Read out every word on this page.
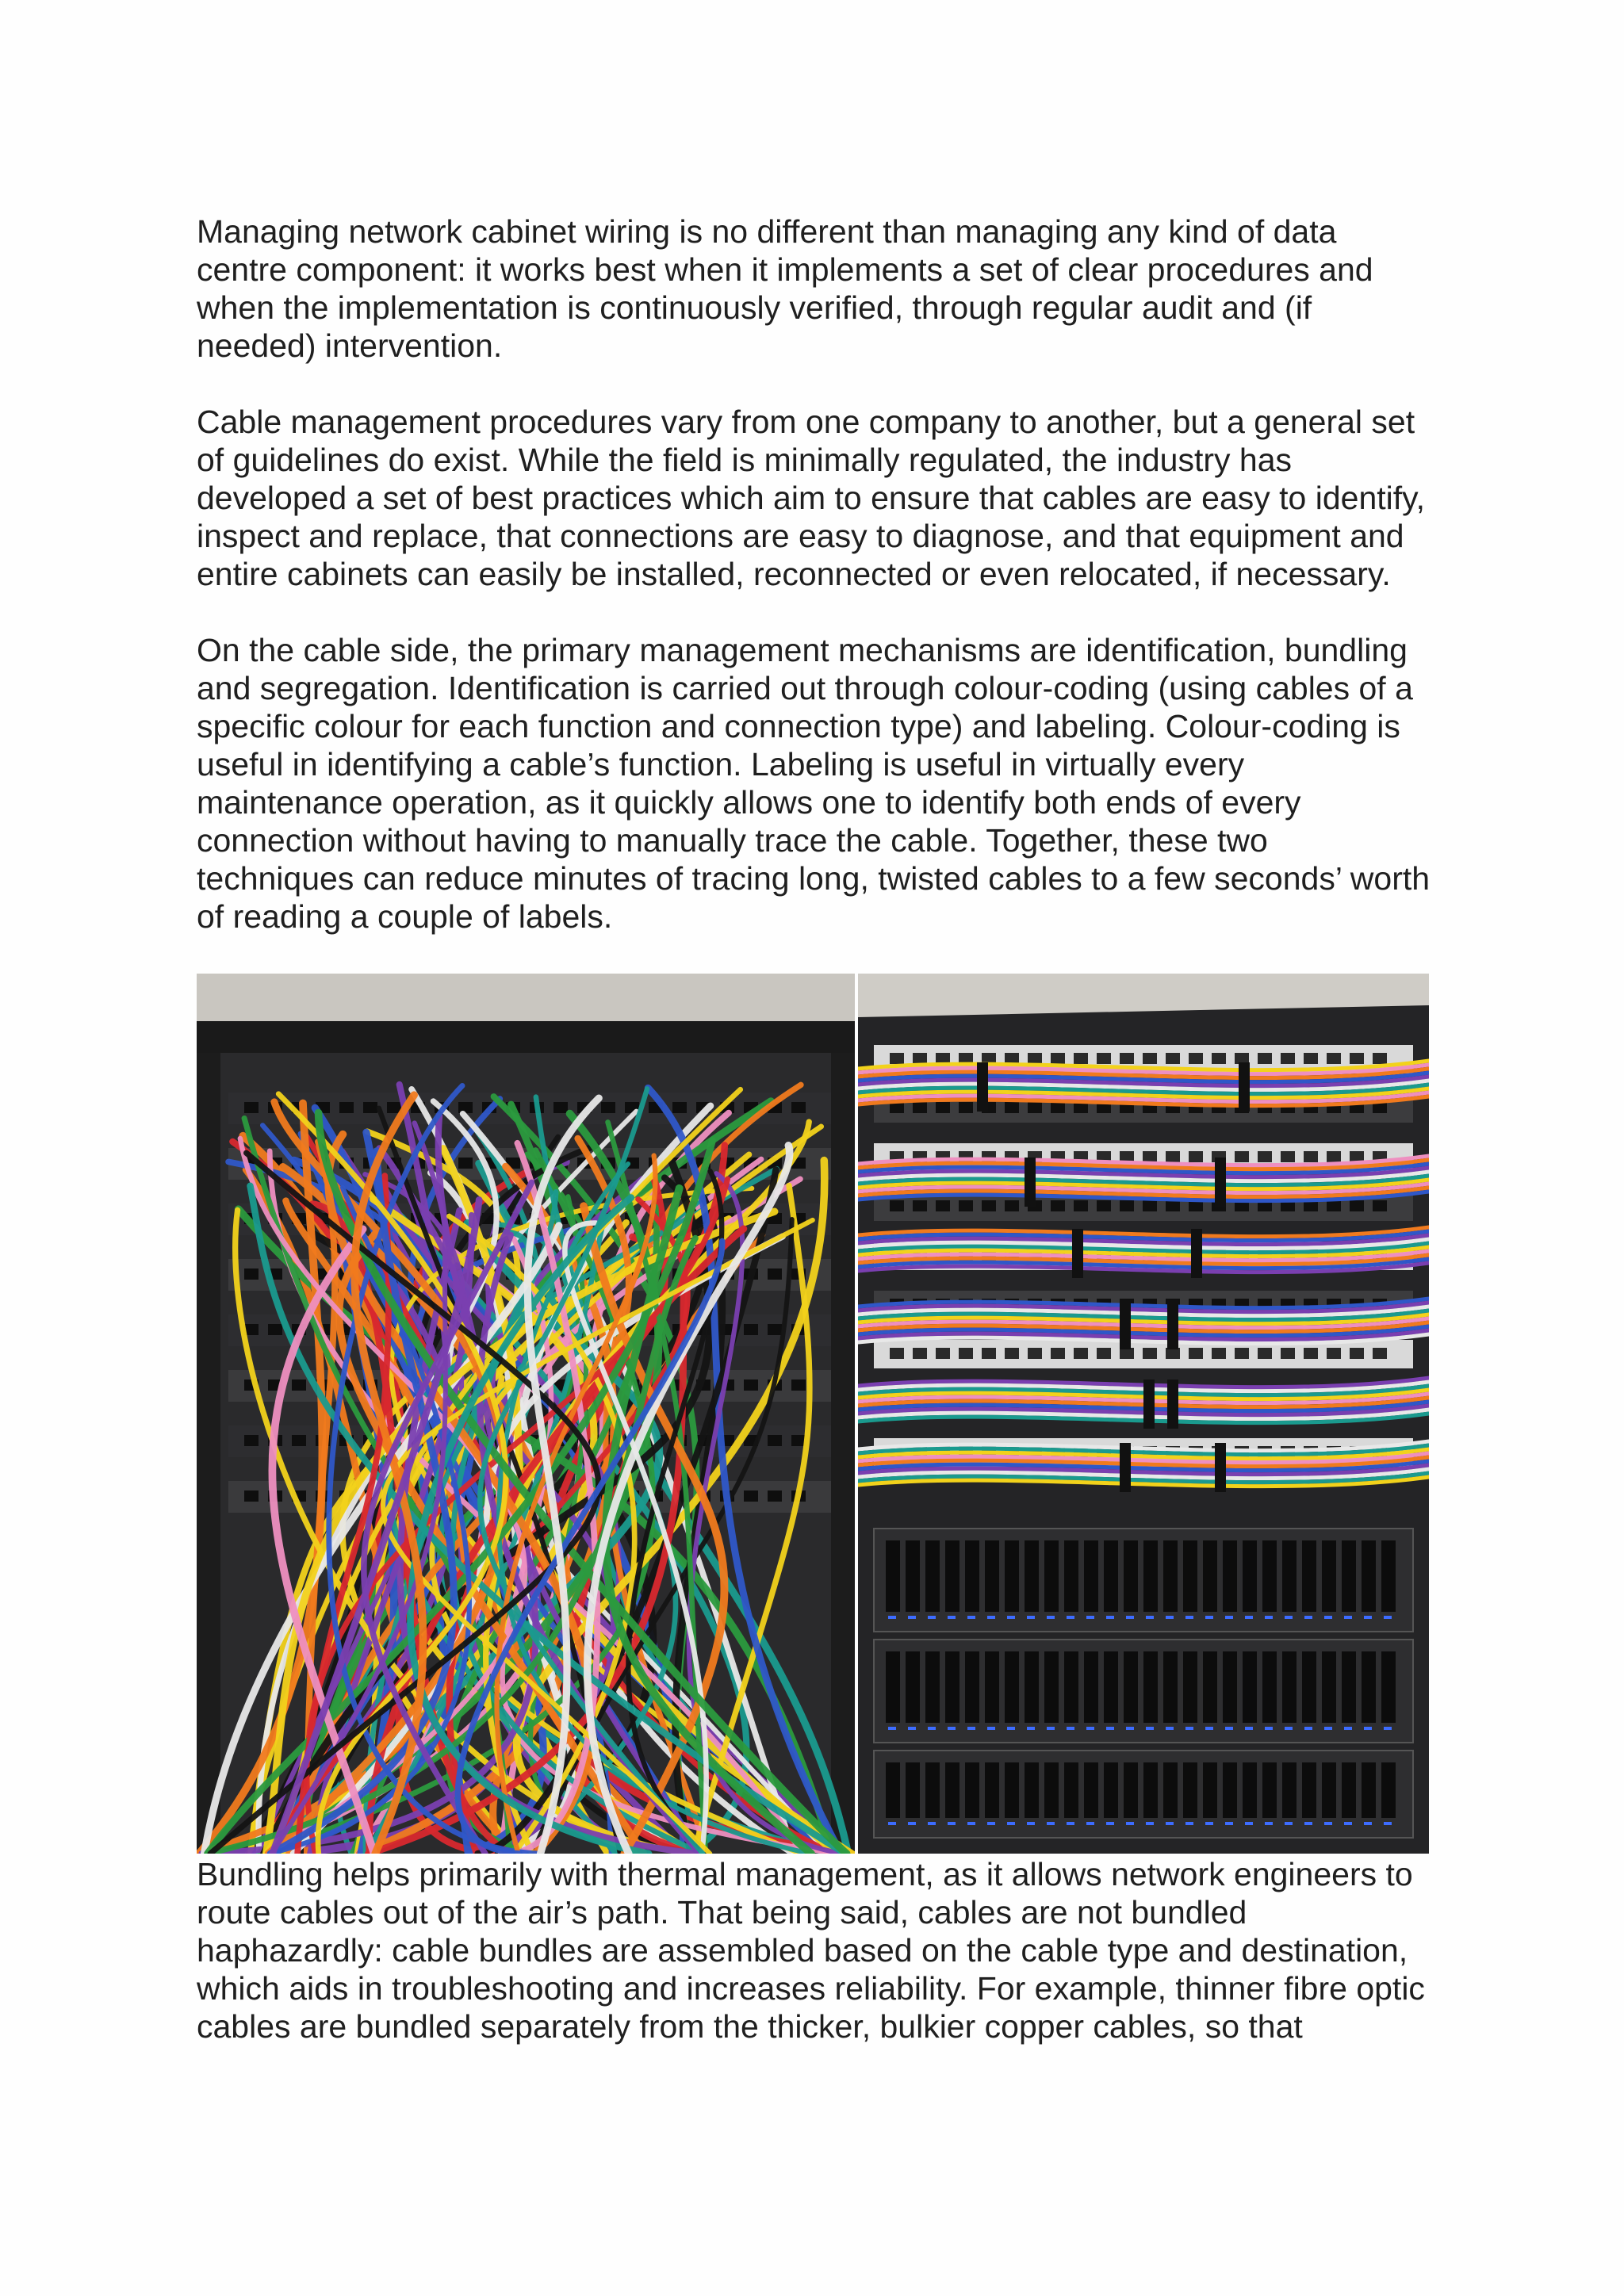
Managing network cabinet wiring is no different than managing any kind of data centre component: it works best when it implements a set of clear procedures and when the implementation is continuously verified, through regular audit and (if needed) intervention.

Cable management procedures vary from one company to another, but a general set of guidelines do exist. While the field is minimally regulated, the industry has developed a set of best practices which aim to ensure that cables are easy to identify, inspect and replace, that connections are easy to diagnose, and that equipment and entire cabinets can easily be installed, reconnected or even relocated, if necessary.

On the cable side, the primary management mechanisms are identification, bundling and segregation. Identification is carried out through colour-coding (using cables of a specific colour for each function and connection type) and labeling. Colour-coding is useful in identifying a cable’s function. Labeling is useful in virtually every maintenance operation, as it quickly allows one to identify both ends of every connection without having to manually trace the cable. Together, these two techniques can reduce minutes of tracing long, twisted cables to a few seconds’ worth of reading a couple of labels.

Bundling helps primarily with thermal management, as it allows network engineers to route cables out of the air’s path. That being said, cables are not bundled haphazardly: cable bundles are assembled based on the cable type and destination, which aids in troubleshooting and increases reliability. For example, thinner fibre optic cables are bundled separately from the thicker, bulkier copper cables, so that
